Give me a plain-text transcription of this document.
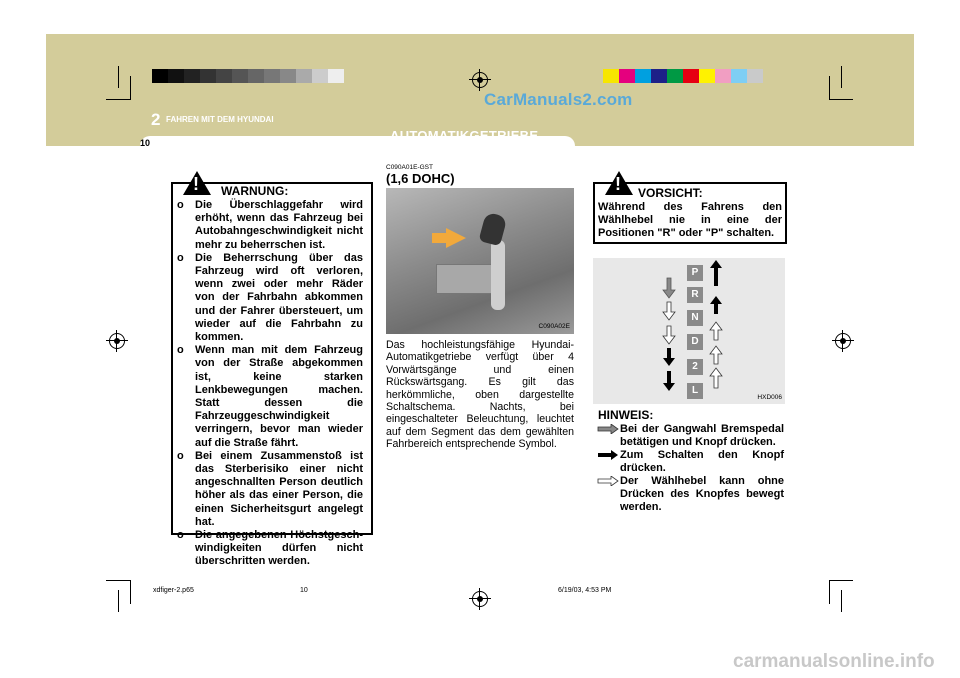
CarManuals2.com
2 FAHREN MIT DEM HYUNDAI
10	AUTOMATIKGETRIEBE
! WARNUNG:
o Die Überschlaggefahr wird erhöht, wenn das Fahrzeug bei Autobahngeschwindigkeit nicht mehr zu beherrschen ist.
o Die Beherrschung über das Fahrzeug wird oft verloren, wenn zwei oder mehr Räder von der Fahrbahn abkommen und der Fahrer übersteuert, um wieder auf die Fahrbahn zu kommen.
o Wenn man mit dem Fahrzeug von der Straße abgekommen ist, keine starken Lenkbewegungen machen. Statt dessen die Fahrzeuggeschwindigkeit verringern, bevor man wieder auf die Straße fährt.
o Bei einem Zusammenstoß ist das Sterberisiko einer nicht angeschnallten Person deutlich höher als das einer Person, die einen Sicherheitsgurt angelegt hat.
o Die angegebenen Höchstgesch-windigkeiten dürfen nicht überschritten werden.
C090A01E-GST
(1,6 DOHC)
C090A02E

Das hochleistungsfähige Hyundai-Automatikgetriebe verfügt über 4 Vorwärtsgänge und einen Rückswärtsgang. Es gilt das herkömmliche, oben dargestellte Schaltschema. Nachts, bei eingeschalteter Beleuchtung, leuchtet auf dem Segment das dem gewählten Fahrbereich entsprechende Symbol.

! VORSICHT:
Während des Fahrens den Wählhebel nie in eine der Positionen "R" oder "P" schalten.
P
R
N
D
2
L
HXD006
HINWEIS:

Bei der Gangwahl Bremspedal betätigen und Knopf drücken.

Zum Schalten den Knopf drücken.

Der Wählhebel kann ohne Drücken des Knopfes bewegt werden.

xdfiger-2.p65	10	6/19/03, 4:53 PM
carmanualsonline.info
